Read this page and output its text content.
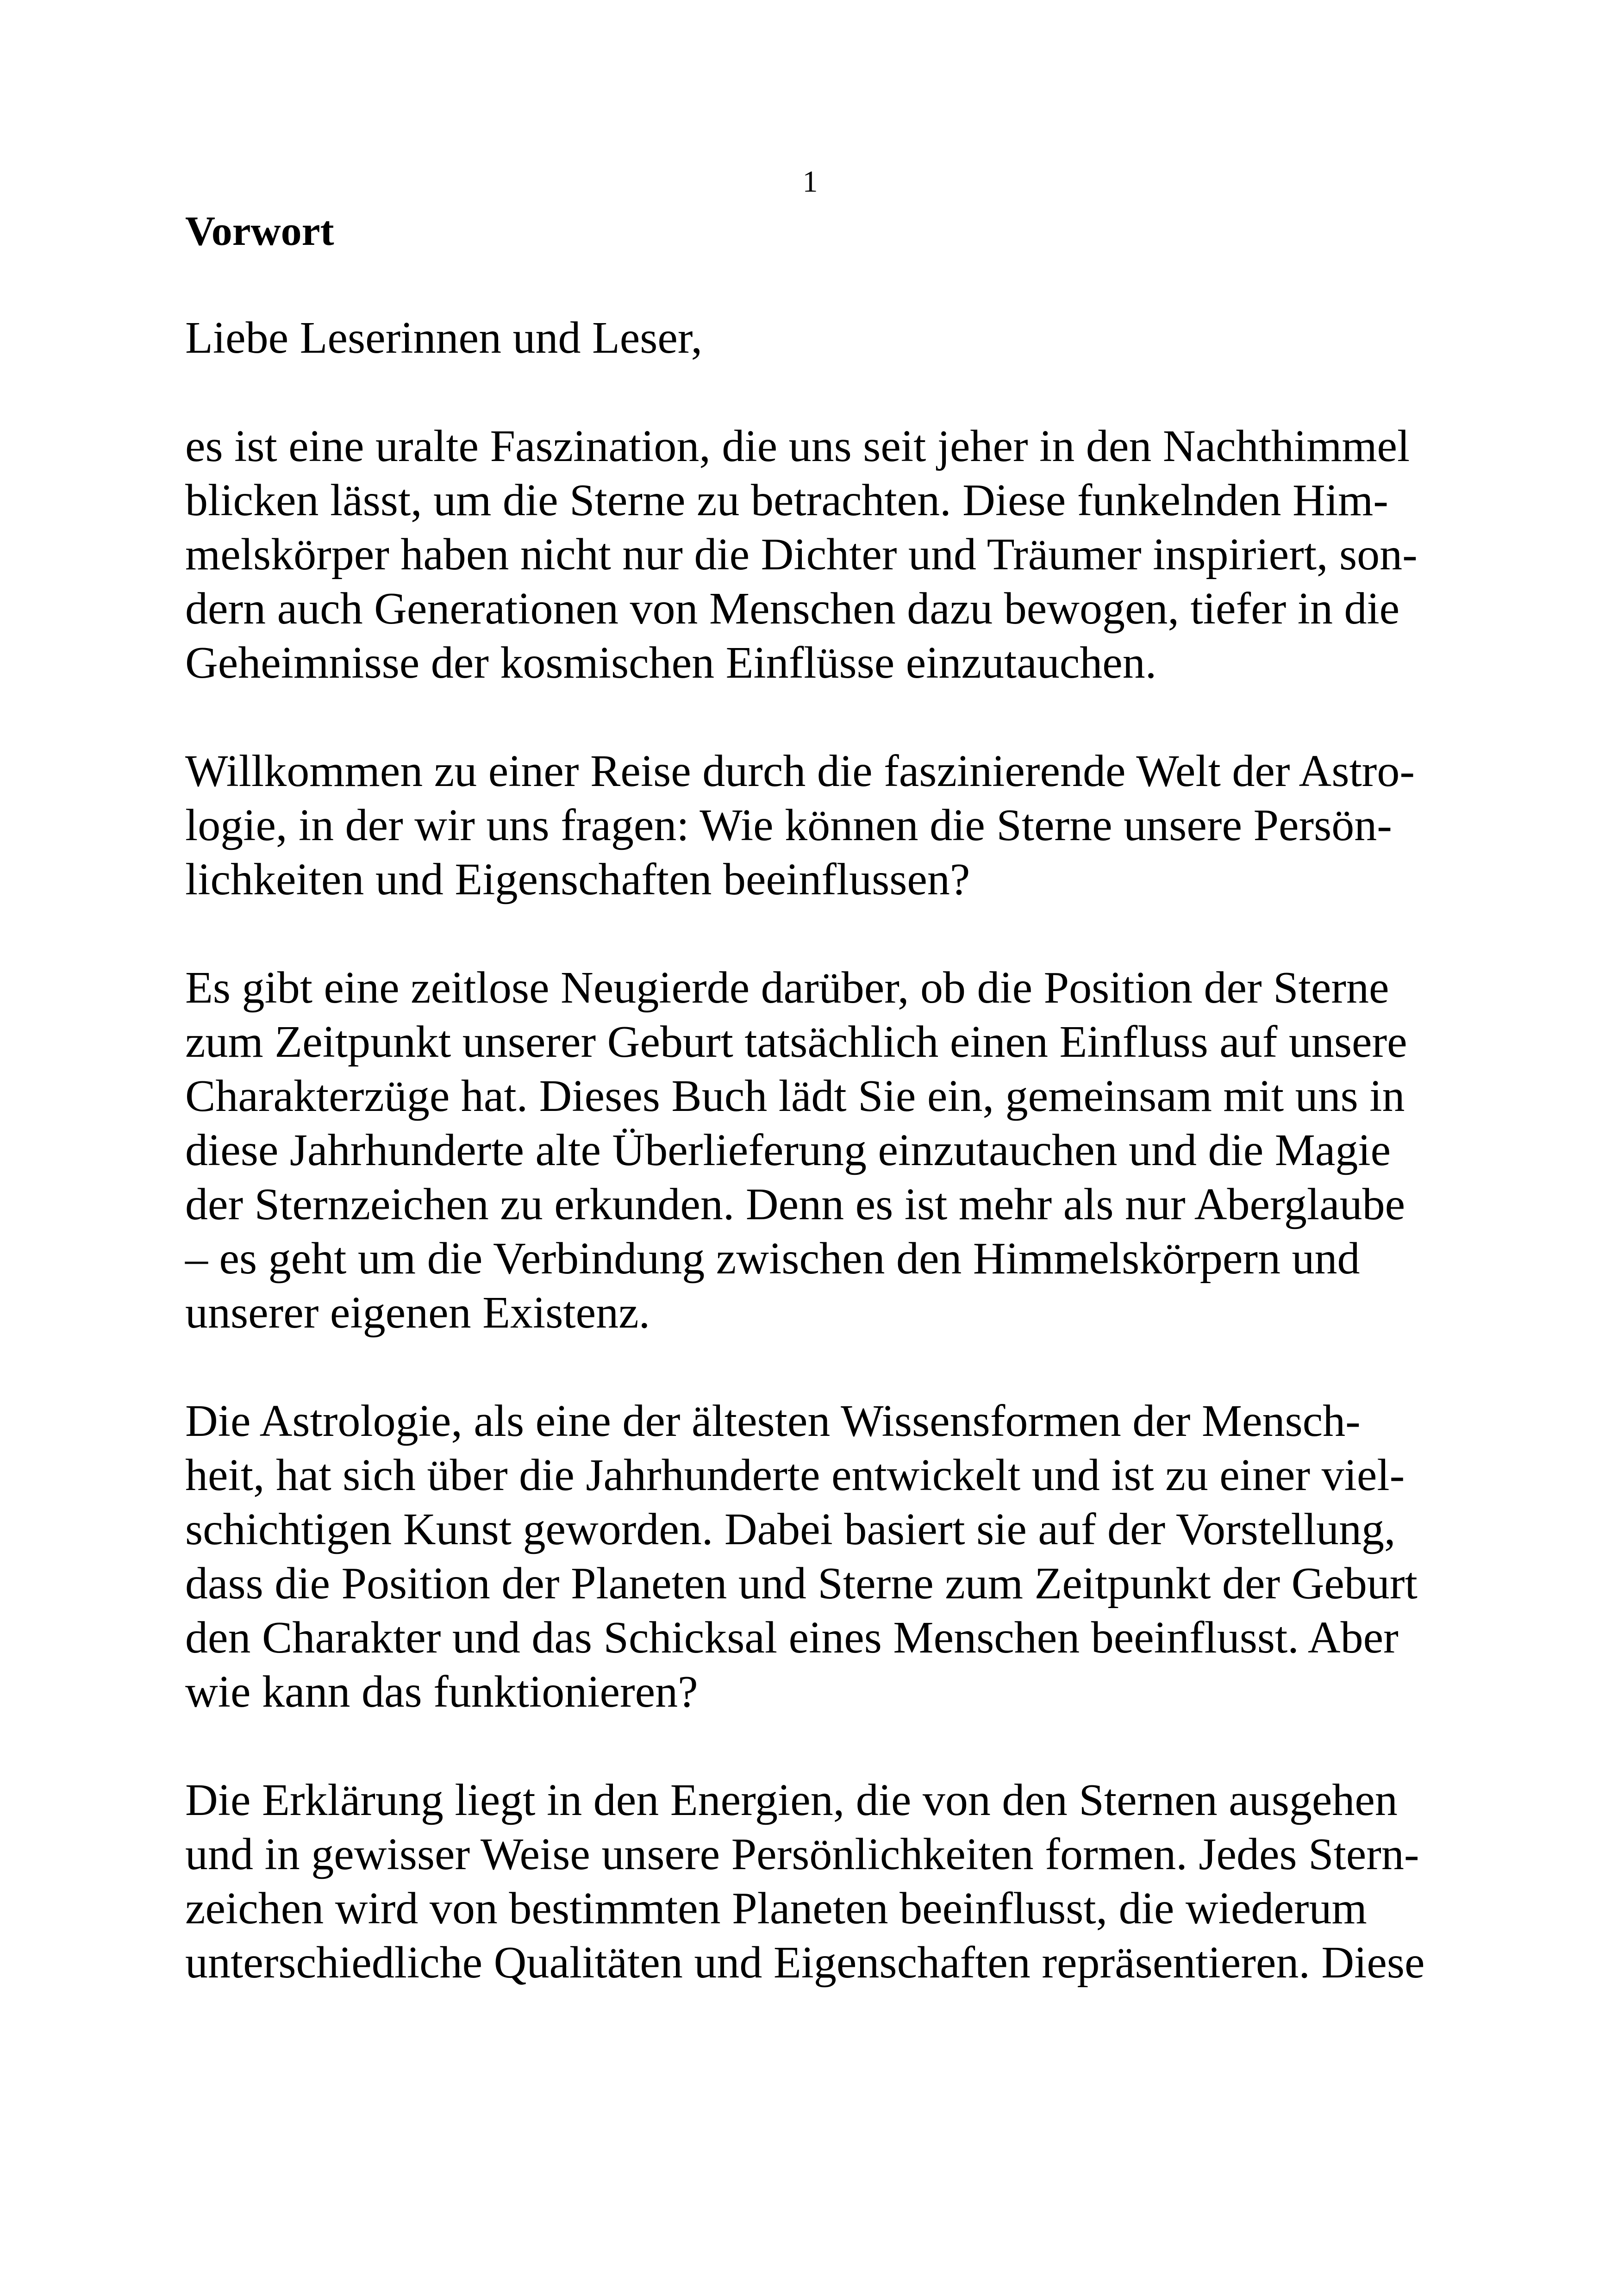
1
Vorwort

Liebe Leserinnen und Leser,

es ist eine uralte Faszination, die uns seit jeher in den Nachthimmel
blicken lässt, um die Sterne zu betrachten. Diese funkelnden Him-
melskörper haben nicht nur die Dichter und Träumer inspiriert, son-
dern auch Generationen von Menschen dazu bewogen, tiefer in die
Geheimnisse der kosmischen Einflüsse einzutauchen.

Willkommen zu einer Reise durch die faszinierende Welt der Astro-
logie, in der wir uns fragen: Wie können die Sterne unsere Persön-
lichkeiten und Eigenschaften beeinflussen?

Es gibt eine zeitlose Neugierde darüber, ob die Position der Sterne
zum Zeitpunkt unserer Geburt tatsächlich einen Einfluss auf unsere
Charakterzüge hat. Dieses Buch lädt Sie ein, gemeinsam mit uns in
diese Jahrhunderte alte Überlieferung einzutauchen und die Magie
der Sternzeichen zu erkunden. Denn es ist mehr als nur Aberglaube
– es geht um die Verbindung zwischen den Himmelskörpern und
unserer eigenen Existenz.

Die Astrologie, als eine der ältesten Wissensformen der Mensch-
heit, hat sich über die Jahrhunderte entwickelt und ist zu einer viel-
schichtigen Kunst geworden. Dabei basiert sie auf der Vorstellung,
dass die Position der Planeten und Sterne zum Zeitpunkt der Geburt
den Charakter und das Schicksal eines Menschen beeinflusst. Aber
wie kann das funktionieren?

Die Erklärung liegt in den Energien, die von den Sternen ausgehen
und in gewisser Weise unsere Persönlichkeiten formen. Jedes Stern-
zeichen wird von bestimmten Planeten beeinflusst, die wiederum
unterschiedliche Qualitäten und Eigenschaften repräsentieren. Diese
